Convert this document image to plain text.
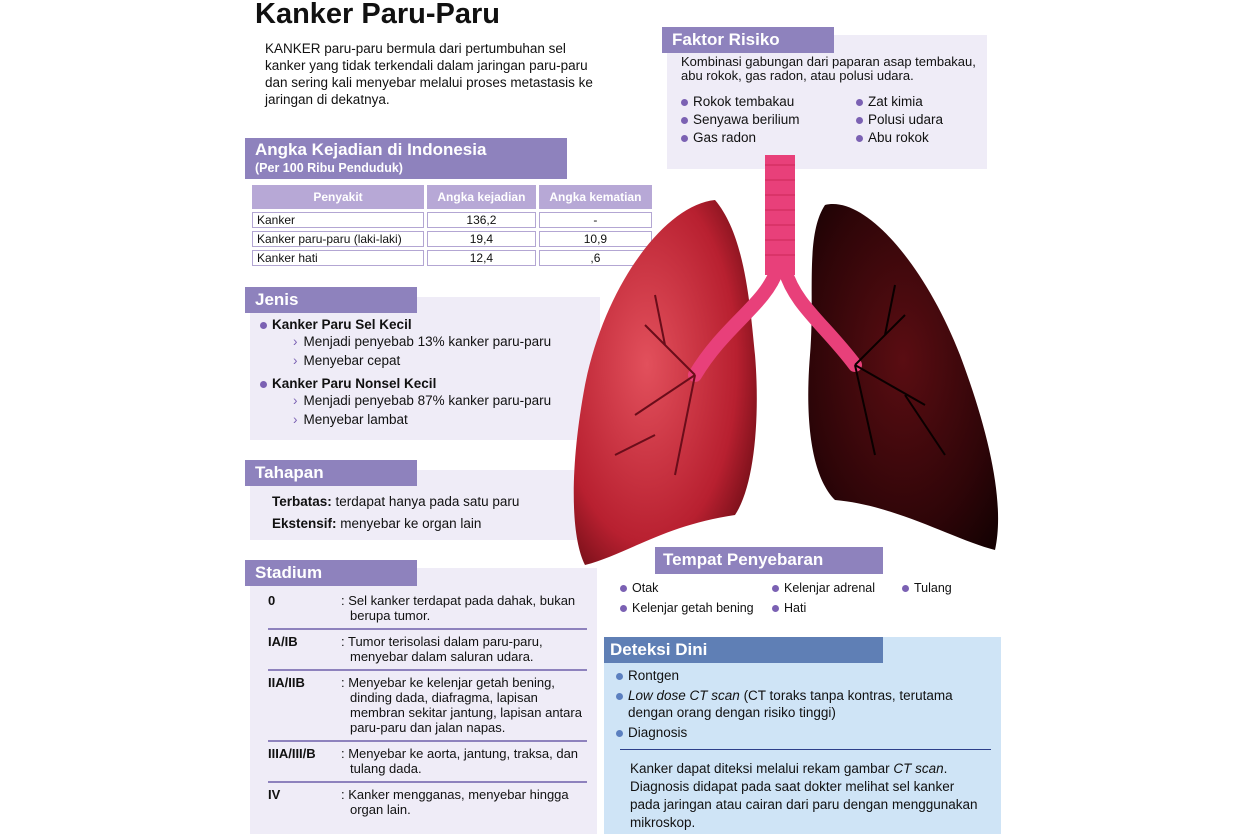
Kanker Paru-Paru
KANKER paru-paru bermula dari pertumbuhan sel kanker yang tidak terkendali dalam jaringan paru-paru dan sering kali menyebar melalui proses metastasis ke jaringan di dekatnya.
Angka Kejadian di Indonesia
(Per 100 Ribu Penduduk)
Penyakit	Angka kejadian	Angka kematian
Kanker	136,2	-
Kanker paru-paru (laki-laki)	19,4	10,9
Kanker hati	12,4	,6
Kanker Paru Sel Kecil
› Menjadi penyebab 13% kanker paru-paru
› Menyebar cepat
Kanker Paru Nonsel Kecil
› Menjadi penyebab 87% kanker paru-paru
› Menyebar lambat
Jenis
Terbatas: terdapat hanya pada satu paru
Ekstensif: menyebar ke organ lain
Tahapan
0	: Sel kanker terdapat pada dahak, bukan berupa tumor.
IA/IB	: Tumor terisolasi dalam paru-paru, menyebar dalam saluran udara.
IIA/IIB	: Menyebar ke kelenjar getah bening, dinding dada, diafragma, lapisan membran sekitar jantung, lapisan antara paru-paru dan jalan napas.
IIIA/III/B	: Menyebar ke aorta, jantung, traksa, dan tulang dada.
IV	: Kanker mengganas, menyebar hingga organ lain.
Stadium
Kombinasi gabungan dari paparan asap tembakau, abu rokok, gas radon, atau polusi udara.
Rokok tembakau	Zat kimia
Senyawa berilium	Polusi udara
Gas radon	Abu rokok
Faktor Risiko
Tempat Penyebaran
Otak	Kelenjar adrenal	Tulang
Kelenjar getah bening	Hati
Deteksi Dini
Rontgen
Low dose CT scan (CT toraks tanpa kontras, terutama dengan orang dengan risiko tinggi)
Diagnosis
Kanker dapat diteksi melalui rekam gambar CT scan. Diagnosis didapat pada saat dokter melihat sel kanker pada jaringan atau cairan dari paru dengan menggunakan mikroskop.
